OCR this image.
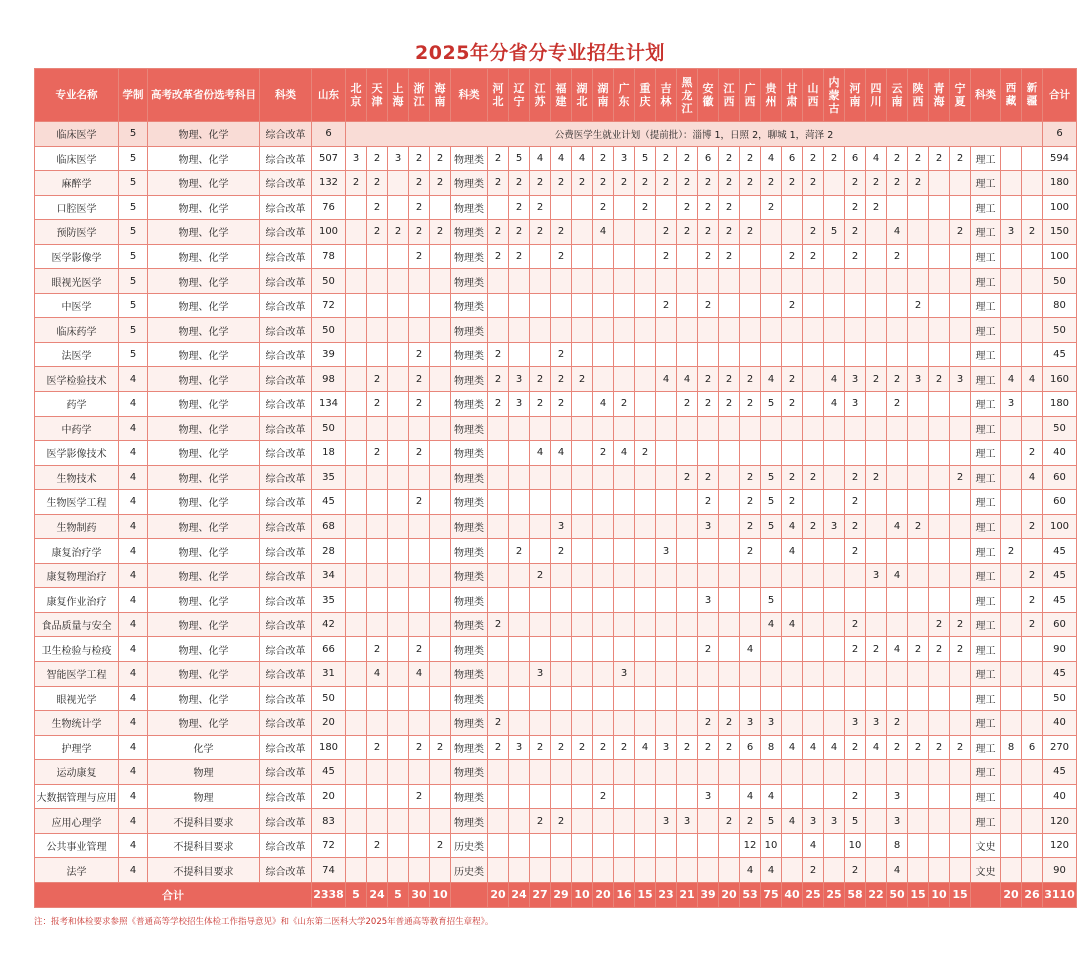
2025年分省分专业招生计划
专业名称	学制	高考改革省份选考科目	科类	山东	北京	天津	上海	浙江	海南	科类	河北	辽宁	江苏	福建	湖北	湖南	广东	重庆	吉林	黑龙江	安徽	江西	广西	贵州	甘肃	山西	内蒙古	河南	四川	云南	陕西	青海	宁夏	科类	西藏	新疆	合计
临床医学	5	物理、化学	综合改革	6	公费医学生就业计划（提前批）：淄博 1，日照 2，聊城 1，菏泽 2																																6
临床医学	5	物理、化学	综合改革	507	3	2	3	2	2	物理类	2	5	4	4	4	2	3	5	2	2	6	2	2	4	6	2	2	6	4	2	2	2	2	理工			594
麻醉学	5	物理、化学	综合改革	132	2	2		2	2	物理类	2	2	2	2	2	2	2	2	2	2	2	2	2	2	2	2		2	2	2	2			理工			180
口腔医学	5	物理、化学	综合改革	76		2		2		物理类		2	2			2		2		2	2	2		2				2	2					理工			100
预防医学	5	物理、化学	综合改革	100		2	2	2	2	物理类	2	2	2	2		4			2	2	2	2	2			2	5	2		4			2	理工	3	2	150
医学影像学	5	物理、化学	综合改革	78				2		物理类	2	2		2					2		2	2			2	2		2		2				理工			100
眼视光医学	5	物理、化学	综合改革	50						物理类																								理工			50
中医学	5	物理、化学	综合改革	72						物理类									2		2				2						2			理工			80
临床药学	5	物理、化学	综合改革	50						物理类																								理工			50
法医学	5	物理、化学	综合改革	39				2		物理类	2			2																				理工			45
医学检验技术	4	物理、化学	综合改革	98		2		2		物理类	2	3	2	2	2				4	4	2	2	2	4	2		4	3	2	2	3	2	3	理工	4	4	160
药学	4	物理、化学	综合改革	134		2		2		物理类	2	3	2	2		4	2			2	2	2	2	5	2		4	3		2				理工	3		180
中药学	4	物理、化学	综合改革	50						物理类																								理工			50
医学影像技术	4	物理、化学	综合改革	18		2		2		物理类			4	4		2	4	2																理工		2	40
生物技术	4	物理、化学	综合改革	35						物理类										2	2		2	5	2	2		2	2				2	理工		4	60
生物医学工程	4	物理、化学	综合改革	45				2		物理类											2		2	5	2			2						理工			60
生物制药	4	物理、化学	综合改革	68						物理类				3							3		2	5	4	2	3	2		4	2			理工		2	100
康复治疗学	4	物理、化学	综合改革	28						物理类		2		2					3				2		4			2						理工	2		45
康复物理治疗	4	物理、化学	综合改革	34						物理类			2																3	4				理工		2	45
康复作业治疗	4	物理、化学	综合改革	35						物理类											3			5										理工		2	45
食品质量与安全	4	物理、化学	综合改革	42						物理类	2													4	4			2				2	2	理工		2	60
卫生检验与检疫	4	物理、化学	综合改革	66		2		2		物理类											2		4					2	2	4	2	2	2	理工			90
智能医学工程	4	物理、化学	综合改革	31		4		4		物理类			3				3																	理工			45
眼视光学	4	物理、化学	综合改革	50						物理类																								理工			50
生物统计学	4	物理、化学	综合改革	20						物理类	2										2	2	3	3				3	3	2				理工			40
护理学	4	化学	综合改革	180		2		2	2	物理类	2	3	2	2	2	2	2	4	3	2	2	2	6	8	4	4	4	2	4	2	2	2	2	理工	8	6	270
运动康复	4	物理	综合改革	45						物理类																								理工			45
大数据管理与应用	4	物理	综合改革	20				2		物理类						2					3		4	4				2		3				理工			40
应用心理学	4	不提科目要求	综合改革	83						物理类			2	2					3	3		2	2	5	4	3	3	5		3				理工			120
公共事业管理	4	不提科目要求	综合改革	72		2			2	历史类													12	10		4		10		8				文史			120
法学	4	不提科目要求	综合改革	74						历史类													4	4		2		2		4				文史			90
合计				2338	5	24	5	30	10		20	24	27	29	10	20	16	15	23	21	39	20	53	75	40	25	25	58	22	50	15	10	15		20	26	3110
注：报考和体检要求参照《普通高等学校招生体检工作指导意见》和《山东第二医科大学2025年普通高等教育招生章程》。
